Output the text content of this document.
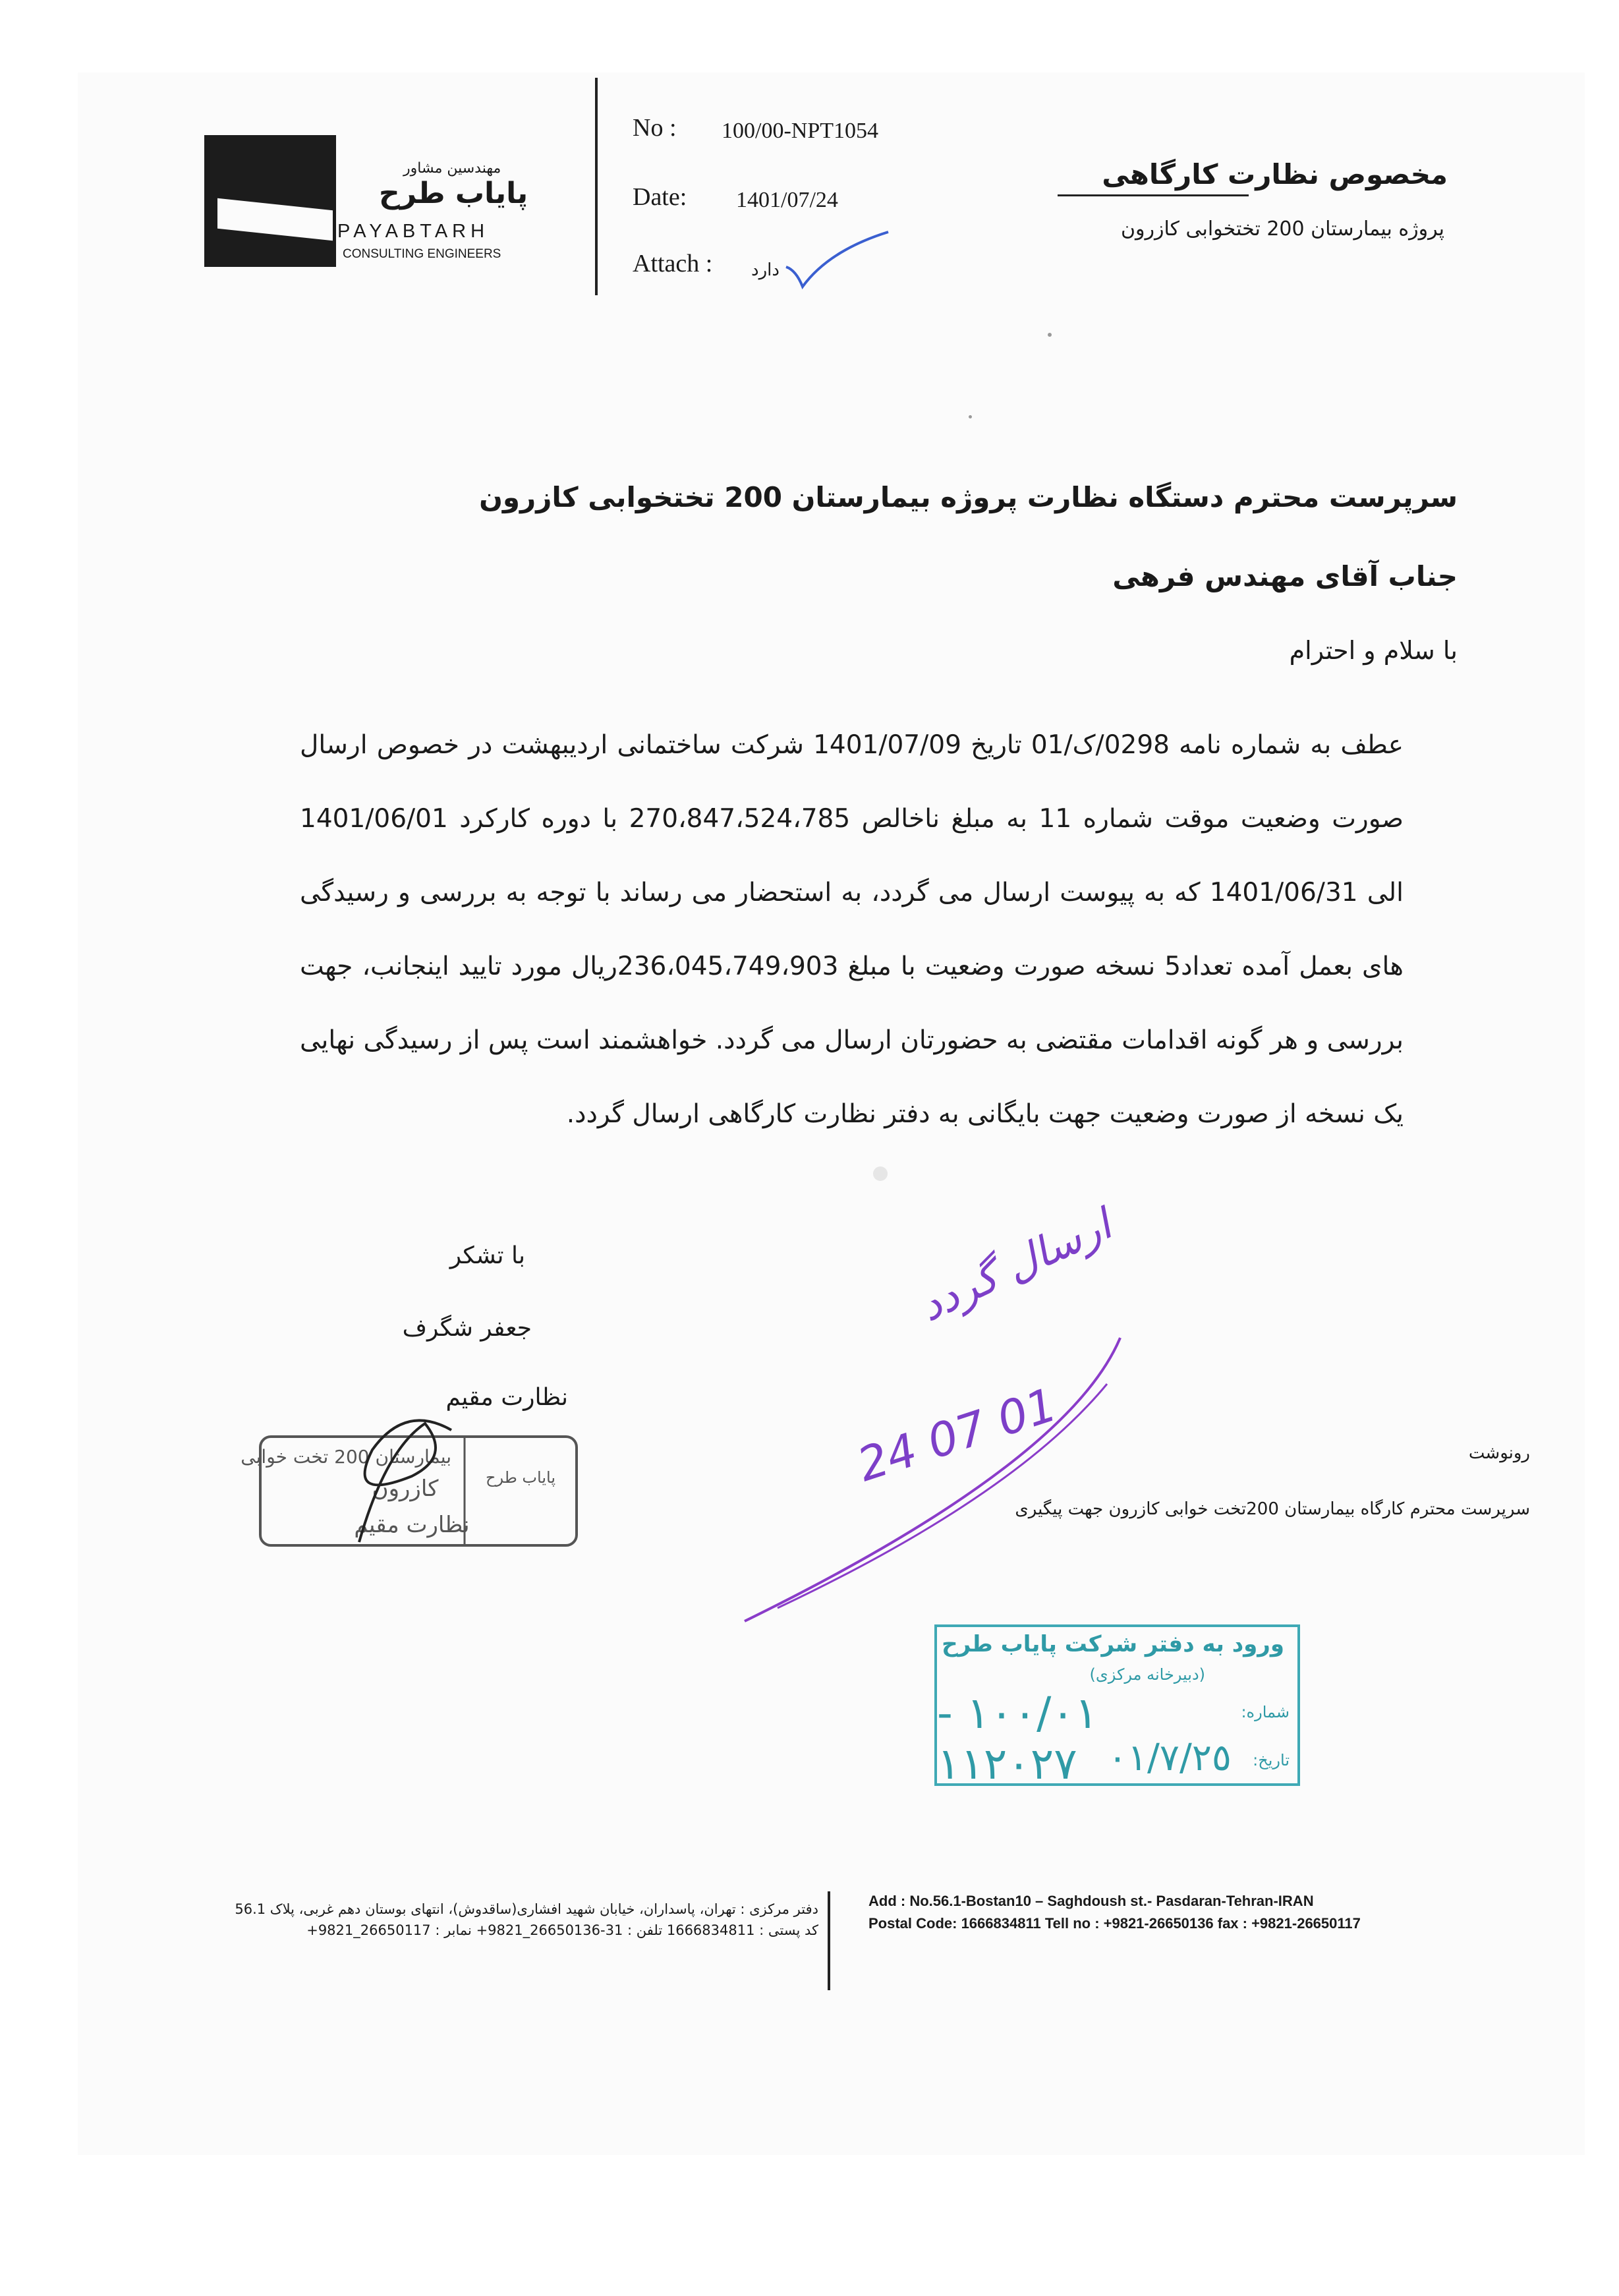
مهندسین مشاور
پایاب طرح
PAYABTARH
CONSULTING ENGINEERS
No : 100/00-NPT1054
Date: 1401/07/24
Attach : دارد
مخصوص نظارت کارگاهی
پروژه بیمارستان 200 تختخوابی کازرون
سرپرست محترم دستگاه نظارت پروژه بیمارستان 200 تختخوابی کازرون
جناب آقای مهندس فرهی
با سلام و احترام
عطف به شماره نامه 0298/ک/01 تاریخ 1401/07/09 شرکت ساختمانی اردیبهشت در خصوص ارسال صورت وضعیت موقت شماره 11 به مبلغ ناخالص 270،847،524،785 با دوره کارکرد 1401/06/01 الی 1401/06/31 که به پیوست ارسال می گردد، به استحضار می رساند با توجه به بررسی و رسیدگی های بعمل آمده تعداد5 نسخه صورت وضعیت با مبلغ 236،045،749،903ریال مورد تایید اینجانب، جهت بررسی و هر گونه اقدامات مقتضی به حضورتان ارسال می گردد. خواهشمند است پس از رسیدگی نهایی یک نسخه از صورت وضعیت جهت بایگانی به دفتر نظارت کارگاهی ارسال گردد.
با تشکر
جعفر شگرف
نظارت مقیم
بیمارستان 200 تخت خوابی
کازرون
نظارت مقیم
پایاب طرح
ارسال گردد
24 07 01	رونوشت
سرپرست محترم کارگاه بیمارستان 200تخت خوابی کازرون جهت پیگیری
ورود به دفتر شرکت پایاب طرح
(دبیرخانه مرکزی)
شماره:
١٠٠/٠١ - ١١٢٠٢٧	تاریخ:
٠١/٧/٢٥
دفتر مرکزی : تهران، پاسداران، خیابان شهید افشاری(ساقدوش)، انتهای بوستان دهم غربی، پلاک 56.1
کد پستی : 1666834811 تلفن : 31-26650136_9821+ نمابر : 26650117_9821+
Add : No.56.1-Bostan10 – Saghdoush st.- Pasdaran-Tehran-IRAN
Postal Code: 1666834811 Tell no : +9821-26650136 fax : +9821-26650117
